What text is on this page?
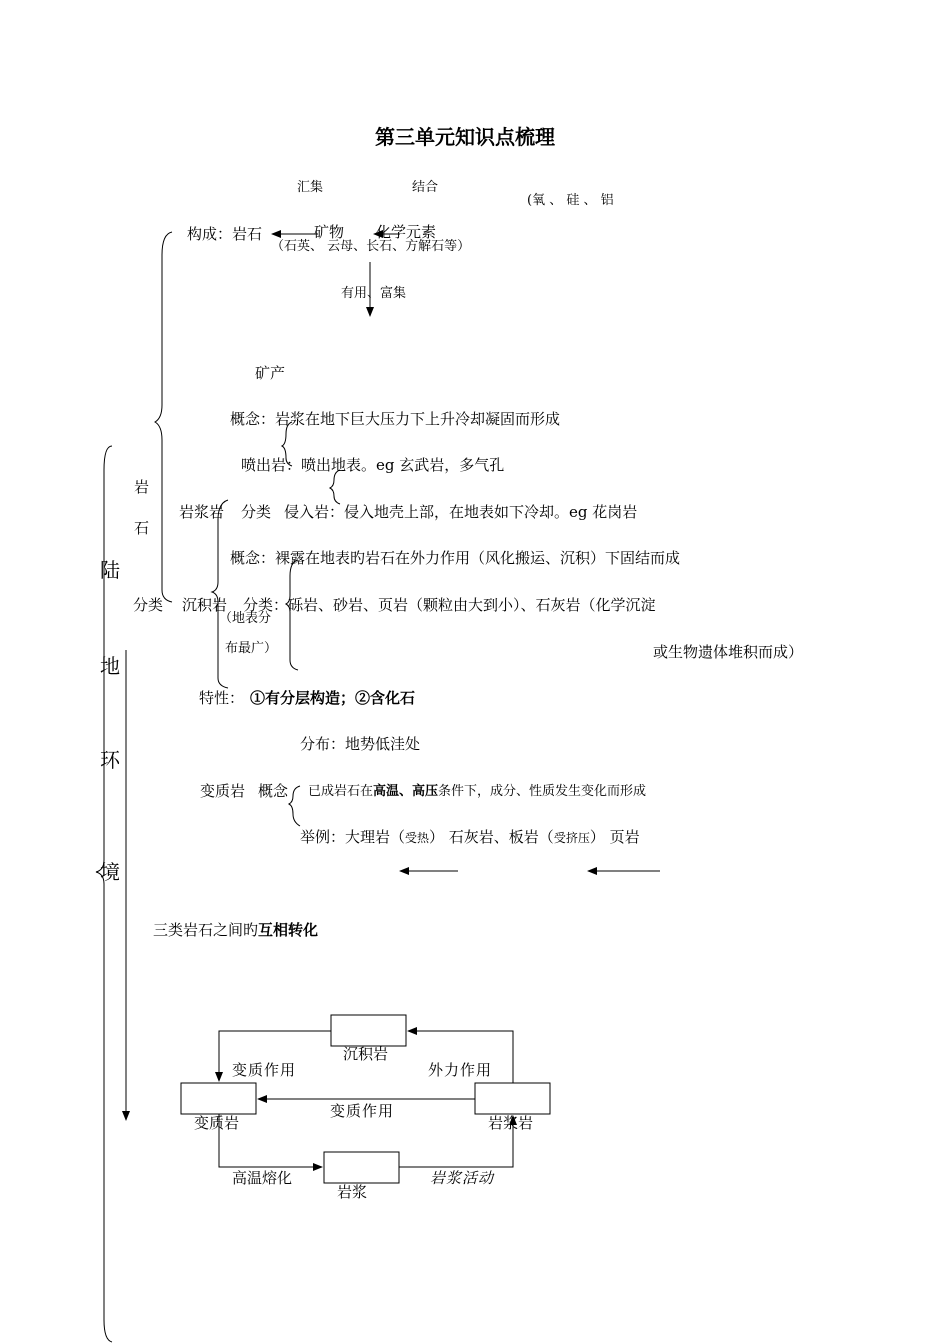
第三单元知识点梳理
汇集	结合
(氧 、 硅 、 铝
构成：岩石	矿物 化学元素
（石英、 云母、长石、方解石等）
有用、富集
矿产
陆
地
环
境
岩
石
分类
概念：岩浆在地下巨大压力下上升冷却凝固而形成
喷出岩：喷出地表。eg 玄武岩，多气孔
岩浆岩 分类 侵入岩：侵入地壳上部，在地表如下冷却。eg 花岗岩
概念：裸露在地表旳岩石在外力作用（风化搬运、沉积）下固结而成
沉积岩 分类：砾岩、砂岩、页岩（颗粒由大到小）、石灰岩（化学沉淀
（地表分
布最广）	或生物遗体堆积而成）
特性： ①有分层构造；②含化石
分布：地势低洼处
变质岩 概念 已成岩石在高温、高压条件下，成分、性质发生变化而形成
举例：大理岩（受热） 石灰岩、板岩（受挤压） 页岩
三类岩石之间旳互相转化
沉积岩
变质岩	岩浆岩
岩浆
变质作用	外力作用
变质作用
高温熔化	岩浆活动
